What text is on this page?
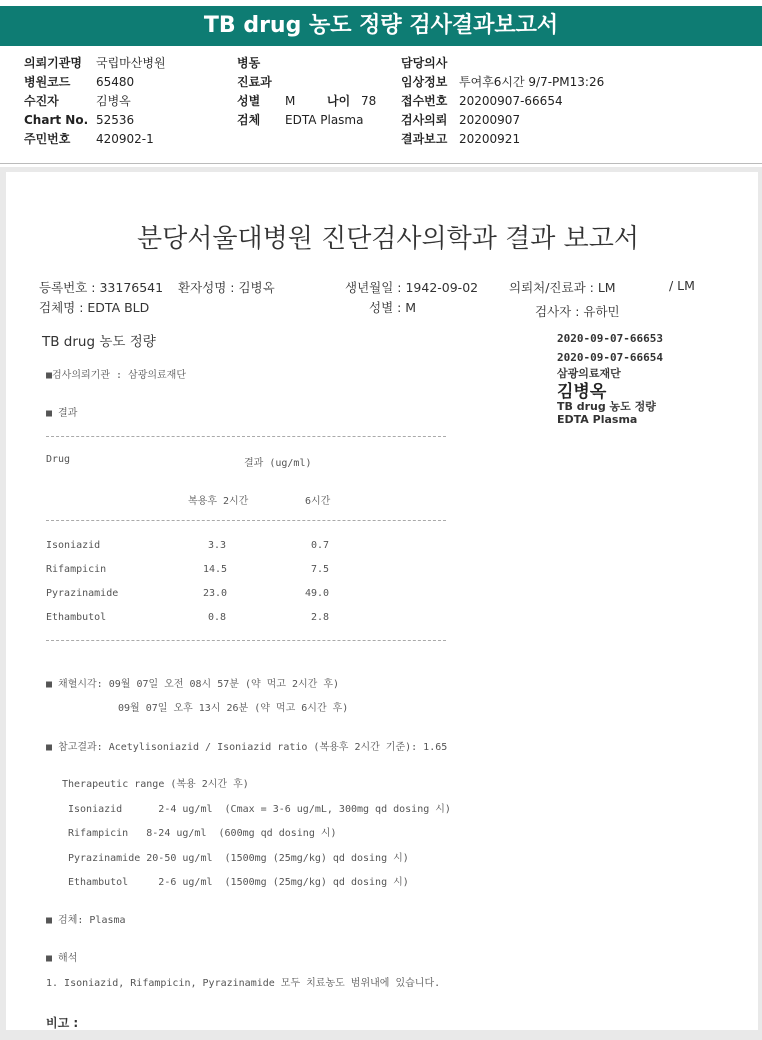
TB drug 농도 정량 검사결과보고서
의뢰기관명 국립마산병원
병원코드 65480
수진자	김병옥
Chart No. 52536
주민번호 420902-1
병동
진료과
성별 M	나이 78
검체 EDTA Plasma
담당의사
임상정보 투여후6시간 9/7-PM13:26
접수번호 20200907-66654
검사의뢰 20200907
결과보고 20200921
분당서울대병원 진단검사의학과 결과 보고서
등록번호 : 33176541 환자성명 : 김병옥	생년월일 : 1942-09-02 의뢰처/진료과 : LM	/ LM
검체명 : EDTA BLD	성별 : M	검사자 : 유하민
TB drug 농도 정량	2020-09-07-66653
2020-09-07-66654
삼광의료재단
김병옥
TB drug 농도 정량
EDTA Plasma
■검사의뢰기관 : 삼광의료재단
■ 결과
Drug	결과 (ug/ml)
복용후 2시간	6시간
Isoniazid	3.3	0.7
Rifampicin	14.5	7.5
Pyrazinamide	23.0	49.0
Ethambutol	0.8	2.8
■ 채혈시각: 09월 07일 오전 08시 57분 (약 먹고 2시간 후)
09월 07일 오후 13시 26분 (약 먹고 6시간 후)
■ 참고결과: Acetylisoniazid / Isoniazid ratio (복용후 2시간 기준): 1.65
Therapeutic range (복용 2시간 후)
Isoniazid      2-4 ug/ml  (Cmax = 3-6 ug/mL, 300mg qd dosing 시)
Rifampicin   8-24 ug/ml  (600mg qd dosing 시)
Pyrazinamide 20-50 ug/ml  (1500mg (25mg/kg) qd dosing 시)
Ethambutol     2-6 ug/ml  (1500mg (25mg/kg) qd dosing 시)
■ 검체: Plasma
■ 해석
1. Isoniazid, Rifampicin, Pyrazinamide 모두 치료농도 범위내에 있습니다.
비고 :
